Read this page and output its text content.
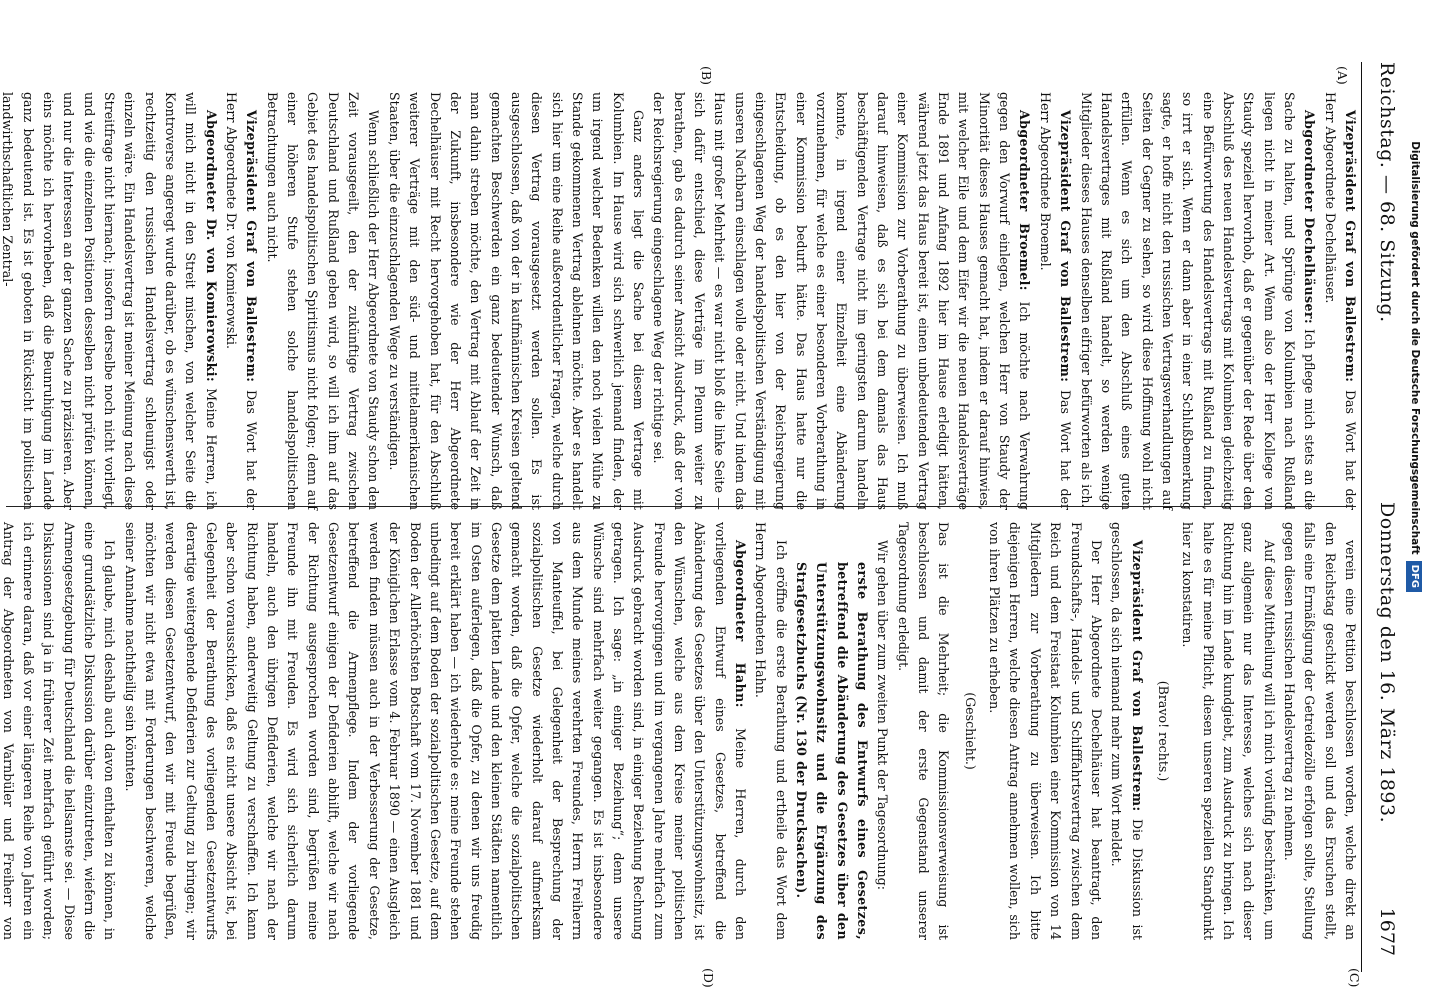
Reichstag. — 68. Sitzung.
Donnerstag den 16. März 1893.
1677
(A)
(B)
(C)
(D)

Vizepräsident Graf von Ballestrem: Das Wort hat der Herr Abgeordnete Dechelhäuser.

Abgeordneter Dechelhäuser: Ich pflege mich stets an die Sache zu halten, und Sprünge von Kolumbien nach Rußland liegen nicht in meiner Art. Wenn also der Herr Kollege von Staudy speziell hervorhob, daß er gegenüber der Rede über den Abschluß des neuen Handelsvertrags mit Kolumbien gleichzeitig eine Befürwortung des Handelsvertrags mit Rußland zu finden, so irrt er sich. Wenn er dann aber in einer Schlußbemerkung sagte, er hoffe nicht den russischen Vertragsverhandlungen auf Seiten der Gegner zu sehen, so wird diese Hoffnung wohl nicht erfüllen. Wenn es sich um den Abschluß eines guten Handelsvertrages mit Rußland handelt, so werden wenige Mitglieder dieses Hauses denselben eifriger befürworten als ich.

Vizepräsident Graf von Ballestrem: Das Wort hat der Herr Abgeordnete Broemel.

Abgeordneter Broemel: Ich möchte nach Verwahrung gegen den Vorwurf einlegen, welchen Herr von Staudy der Minorität dieses Hauses gemacht hat, indem er darauf hinwies, mit welcher Eile und dem Eifer wir die neuen Handelsverträge Ende 1891 und Anfang 1892 hier im Hause erledigt hätten, während jetzt das Haus bereit ist, einen unbedeutenden Vertrag einer Kommission zur Vorberathung zu überweisen. Ich muß darauf hinweisen, daß es sich bei dem damals das Haus beschäftigenden Vertrage nicht im geringsten darum handeln konnte, in irgend einer Einzelheit eine Abänderung vorzunehmen, für welche es einer besonderen Vorberathung in einer Kommission bedurft hätte. Das Haus hatte nur die Entscheidung, ob es den hier von der Reichsregierung eingeschlagenen Weg der handelspolitischen Verständigung mit unseren Nachbarn einschlagen wolle oder nicht. Und indem das Haus mit großer Mehrheit — es war nicht bloß die linke Seite — sich dafür entschied, diese Verträge im Plenum weiter zu berathen, gab es dadurch seiner Ansicht Ausdruck, daß der von der Reichsregierung eingeschlagene Weg der richtige sei.

Ganz anders liegt die Sache bei diesem Vertrage mit Kolumbien. Im Hause wird sich schwerlich jemand finden, der um irgend welcher Bedenken willen den noch vielen Mühe zu Stande gekommenen Vertrag ablehnen möchte. Aber es handelt sich hier um eine Reihe außerordentlicher Fragen, welche durch diesen Vertrag vorausgesetzt werden sollen. Es ist ausgeschlossen, daß von der in kaufmännischen Kreisen geltend gemachten Beschwerden ein ganz bedeutender Wunsch, daß man dahin streben möchte, den Vertrag mit Ablauf der Zeit in der Zukunft, insbesondere wie der Herr Abgeordnete Dechelhäuser mit Recht hervorgehoben hat, für den Abschluß weiterer Verträge mit den süd- und mittelamerikanischen Staaten, über die einzuschlagenden Wege zu verständigen.

Wenn schließlich der Herr Abgeordnete von Staudy schon den Zeit vorausgeeilt, den der zukünftige Vertrag zwischen Deutschland und Rußland geben wird, so will ich ihm auf das Gebiet des handelspolitischen Spiritismus nicht folgen; denn auf einer höheren Stufe stehen solche handelspolitischen Betrachtungen auch nicht.

Vizepräsident Graf von Ballestrem: Das Wort hat der Herr Abgeordnete Dr. von Komierowski.

Abgeordneter Dr. von Komierowski: Meine Herren, ich will mich nicht in den Streit mischen, von welcher Seite die Kontroverse angeregt wurde darüber, ob es wünschenswerth ist, rechtzeitig den russischen Handelsvertrag schleunigst oder einzeln wäre. Ein Handelsvertrag ist meiner Meinung nach diese Streitfrage nicht hiernach; insofern derselbe noch nicht vorliegt, und wie die einzelnen Positionen desselben nicht prüfen können, und nur die Interessen an der ganzen Sache zu präzisieren. Aber eins möchte ich hervorheben, daß die Beunruhigung im Lande ganz bedeutend ist. Es ist geboten in Rücksicht im politischen landwirthschaftlichen Zentral-

verein eine Petition beschlossen worden, welche direkt an den Reichstag geschickt werden soll und das Ersuchen stellt, falls eine Ermäßigung der Getreidezölle erfolgen sollte, Stellung gegen diesen russischen Handelsvertrag zu nehmen.

Auf diese Mittheilung will ich mich vorläufig beschränken, um ganz allgemein nur das Interesse, welches sich nach dieser Richtung hin im Lande kundgiebt, zum Ausdruck zu bringen. Ich halte es für meine Pflicht, diesen unseren speziellen Standpunkt hier zu konstatiren.

(Bravo! rechts.)

Vizepräsident Graf von Ballestrem: Die Diskussion ist geschlossen, da sich niemand mehr zum Wort meldet.

Der Herr Abgeordnete Dechelhäuser hat beantragt, den Freundschafts-, Handels- und Schifffahrtsvertrag zwischen dem Reich und dem Freistaat Kolumbien einer Kommission von 14 Mitgliedern zur Vorberathung zu überweisen. Ich bitte diejenigen Herren, welche diesen Antrag annehmen wollen, sich von ihren Plätzen zu erheben.

(Geschieht.)

Das ist die Mehrheit; die Kommissionsverweisung ist beschlossen und damit der erste Gegenstand unserer Tagesordnung erledigt.

Wir gehen über zum zweiten Punkt der Tagesordnung:

erste Berathung des Entwurfs eines Gesetzes, betreffend die Abänderung des Gesetzes über den Unterstützungswohnsitz und die Ergänzung des Strafgesetzbuchs (Nr. 130 der Drucksachen).

Ich eröffne die erste Berathung und ertheile das Wort dem Herrn Abgeordneten Hahn.

Abgeordneter Hahn: Meine Herren, durch den vorliegenden Entwurf eines Gesetzes, betreffend die Abänderung des Gesetzes über den Unterstützungswohnsitz, ist den Wünschen, welche aus dem Kreise meiner politischen Freunde hervorgingen und im vergangenen Jahre mehrfach zum Ausdruck gebracht worden sind, in einiger Beziehung Rechnung getragen. Ich sage: „in einiger Beziehung“; denn unsere Wünsche sind mehrfach weiter gegangen. Es ist insbesondere aus dem Munde meines verehrten Freundes, Herrn Freiherrn von Manteuffel, bei Gelegenheit der Besprechung der sozialpolitischen Gesetze wiederholt darauf aufmerksam gemacht worden, daß die Opfer, welche die sozialpolitischen Gesetze dem platten Lande und den kleinen Städten namentlich im Osten auferlegen, daß die Opfer, zu denen wir uns freudig bereit erklärt haben — ich wiederhole es: meine Freunde stehen unbedingt auf dem Boden der sozialpolitischen Gesetze, auf dem Boden der Allerhöchsten Botschaft vom 17. November 1881 und der Königlichen Erlasse vom 4. Februar 1890 — einen Ausgleich werden finden müssen auch in der Verbesserung der Gesetze, betreffend die Armenpflege. Indem der vorliegende Gesetzentwurf einigen der Defiderien abhilft, welche wir nach der Richtung ausgesprochen worden sind, begrüßen meine Freunde ihn mit Freuden. Es wird sich sicherlich darum handeln, auch den übrigen Defiderien, welche wir nach der Richtung haben, anderweitig Geltung zu verschaffen. Ich kann aber schon vorausschicken, daß es nicht unsere Absicht ist, bei Gelegenheit der Berathung des vorliegenden Gesetzentwurfs derartige weitergehende Defiderien zur Geltung zu bringen; wir werden diesen Gesetzentwurf, den wir mit Freude begrüßen, möchten wir nicht etwa mit Forderungen beschweren, welche seiner Annahme nachtheilig sein könnten.

Ich glaube, mich deshalb auch davon enthalten zu können, in eine grundsätzliche Diskussion darüber einzutreten, wiefern die Armengesetzgebung für Deutschland die heilsamste sei. — Diese Diskussionen sind ja in früherer Zeit mehrfach geführt worden; ich erinnere daran, daß vor einer längeren Reihe von Jahren ein Antrag der Abgeordneten von Varnbüler und Freiherr von

Digitalisierung gefördert durch die Deutsche ForschungsgemeinschaftDFG
